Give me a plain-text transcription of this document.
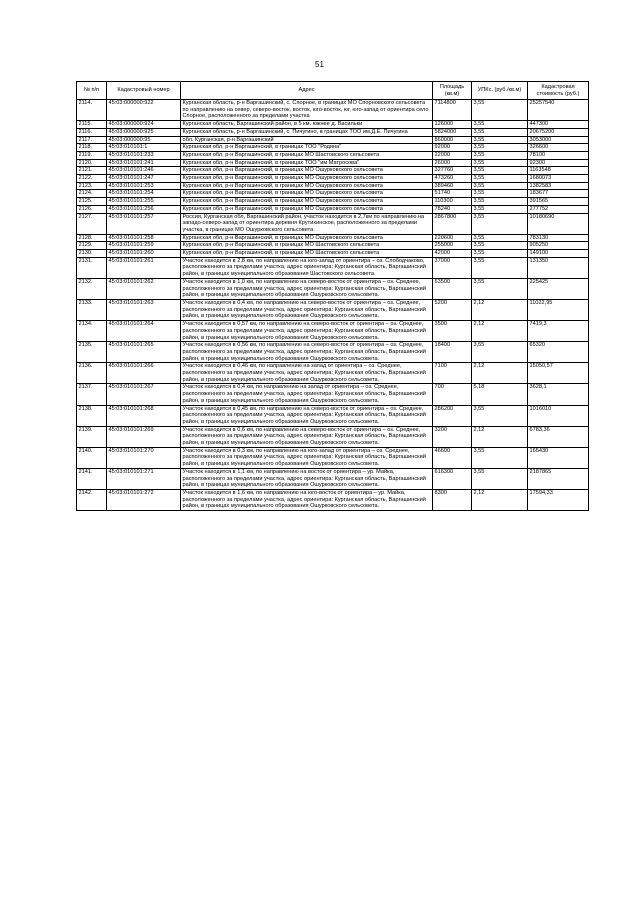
51
№ п/п	Кадастровый номер	Адрес	Площадь (кв.м)	УПКс. (руб./кв.м)	Кадастровая стоимость (руб.)
2114.	45:03:000000:922	Курганская область, р-н Варгашинский, с. Спорное, в границах МО Спорновского сельсовета по направлению на север, северо-восток, восток, юго-восток, юг, юго-запад от ориентира село Спорное, расположенного за пределами участка	7114800	3,55	25257540
2115.	45:03:000000:924	Курганская область, Варгашинский район, в 5 км. южнее д. Васильки	126000	3,55	447300
2116.	45:03:000000:925	Курганская область, р-н Варгашинский, с. Пичугино, в границах ТОО им.Д.Е. Пичугина	5824000	3,55	20675200
2117.	45:03:000000:95	обл. Курганская, р-н Варгашинский	860000	3,55	3053000
2118.	45:03:010101:1	Курганская обл, р-н Варгашинский, в границах ТОО "Родина"	92000	3,55	326600
2119.	45:03:010101:233	Курганская обл, р-н Варгашинский, в границах МО Шастовского сельсовета	22000	3,55	78100
2120.	45:03:010101:241	Курганская обл, р-н Варгашинский, в границах ТОО "им Матросова"	26000	3,55	92300
2121.	45:03:010101:246	Курганская обл, р-н Варгашинский, в границах МО Ошурковского сельсовета	327760	3,55	1163548
2122.	45:03:010101:247	Курганская обл, р-н Варгашинский, в границах МО Ошурковского сельсовета	473260	3,55	1680073
2123.	45:03:010101:253	Курганская обл, р-н Варгашинский, в границах МО Ошурковского сельсовета	389460	3,55	1382583
2124.	45:03:010101:254	Курганская обл, р-н Варгашинский, в границах МО Ошурковского сельсовета	51740	3,55	183677
2125.	45:03:010101:255	Курганская обл, р-н Варгашинский, в границах МО Ошурковского сельсовета	110300	3,55	391565
2126.	45:03:010101:256	Курганская обл, р-н Варгашинский, в границах МО Ошурковского сельсовета	78240	3,55	277752
2127.	45:03:010101:257	Россия, Курганская обл, Варгашинский район, участок находится в 2,7км по направлению на западо-северо-запад от ориентира деревня Крутихинское, расположенного за пределами участка, в границах МО Ошурковского сельсовета	2867800	3,55	10180690
2128.	45:03:010101:258	Курганская обл, р-н Варгашинский, в границах МО Ошурковского сельсовета	220600	3,55	783130
2129.	45:03:010101:259	Курганская обл, р-н Варгашинский, в границах МО Шастовского сельсовета	255000	3,55	905250
2130.	45:03:010101:260	Курганская обл, р-н Варгашинский, в границах МО Шастовского сельсовета	42000	3,55	149100
2131.	45:03:010101:261	Участок находится в 2,8 км, по направлению на юго-запад от ориентира – оз. Слободчаково, расположенного за пределами участка, адрес ориентира: Курганская область, Варгашинский район, в границах муниципального образования Шастовского сельсовета.	37000	3,55	131350
2132.	45:03:010101:262	Участок находится в 1,0 км, по направлению на северо-восток от ориентира – оз. Среднее, расположенного за пределами участка, адрес ориентира: Курганская область, Варгашинский район, в границах муниципального образования Ошурковского сельсовета.	63500	3,55	225425
2133.	45:03:010101:263	Участок находится в 0,4 км, по направлению на северо-восток от ориентира – оз. Среднее, расположенного за пределами участка, адрес ориентира: Курганская область, Варгашинский район, в границах муниципального образования Ошурковского сельсовета.	5200	2,12	11022,95
2134.	45:03:010101:264	Участок находится в 0,57 км, по направлению на северо-восток от ориентира – оз. Среднее, расположенного за пределами участка, адрес ориентира: Курганская область, Варгашинский район, в границах муниципального образования Ошурковского сельсовета.	3500	2,12	7419,3
2135.	45:03:010101:265	Участок находится в 0,56 км, по направлению на северо-восток от ориентира – оз. Среднее, расположенного за пределами участка, адрес ориентира: Курганская область, Варгашинский район, в границах муниципального образования Ошурковского сельсовета.	18400	3,55	65320
2136.	45:03:010101:266	Участок находится в 0,46 км, по направлению на запад от ориентира – оз. Среднее, расположенного за пределами участка, адрес ориентира: Курганская область, Варгашинский район, в границах муниципального образования Ошурковского сельсовета.	7100	2,12	15050,57
2137.	45:03:010101:267	Участок находится в 0,4 км, по направлению на запад от ориентира – оз. Среднее, расположенного за пределами участка, адрес ориентира: Курганская область, Варгашинский район, в границах муниципального образования Ошурковского сельсовета.	700	5,18	3628,1
2138.	45:03:010101:268	Участок находится в 0,45 км, по направлению на северо-восток от ориентира – оз. Среднее, расположенного за пределами участка, адрес ориентира: Курганская область, Варгашинский район, в границах муниципального образования Ошурковского сельсовета.	286200	3,55	1016010
2139.	45:03:010101:269	Участок находится в 0,6 км, по направлению на северо-восток от ориентира – оз. Среднее, расположенного за пределами участка, адрес ориентира: Курганская область, Варгашинский район, в границах муниципального образования Ошурковского сельсовета.	3200	2,12	6783,36
2140.	45:03:010101:270	Участок находится в 0,3 км, по направлению на юго-запад от ориентира – оз. Среднее, расположенного за пределами участка, адрес ориентира: Курганская область, Варгашинский район, в границах муниципального образования Ошурковского сельсовета.	46600	3,55	165430
2141.	45:03:010101:271	Участок находится в 1,1 км, по направлению на восток от ориентира – ур. Майка, расположенного за пределами участка, адрес ориентира: Курганская область, Варгашинский район, в границах муниципального образования Ошурковского сельсовета.	616300	3,55	2187865
2142.	45:03:010101:272	Участок находится в 1,6 км, по направлению на юго-восток от ориентира – ур. Майка, расположенного за пределами участка, адрес ориентира: Курганская область, Варгашинский район, в границах муниципального образования Ошурковского сельсовета.	8300	2,12	17594,33
